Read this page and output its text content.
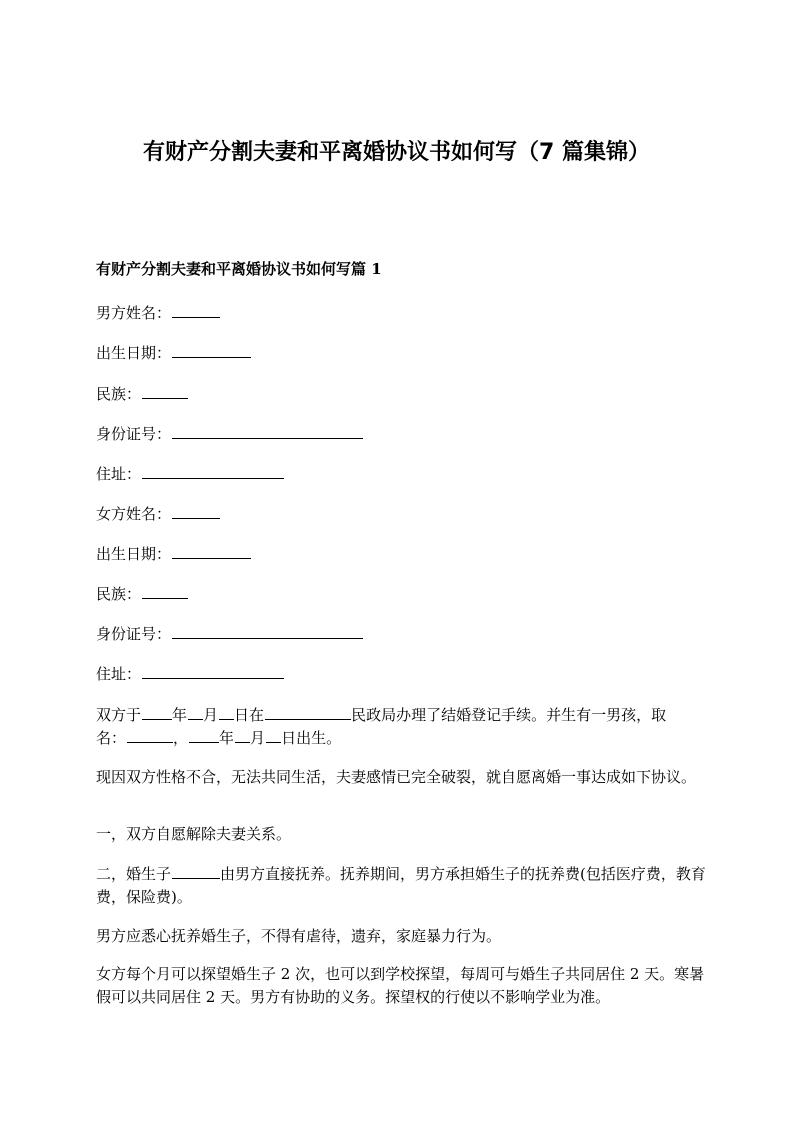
有财产分割夫妻和平离婚协议书如何写（7 篇集锦）
有财产分割夫妻和平离婚协议书如何写篇 1
男方姓名：
出生日期：
民族：
身份证号：
住址：
女方姓名：
出生日期：
民族：
身份证号：
住址：

双方于 年 月 日在	民政局办理了结婚登记手续。并生有一男孩，取
名：	， 年 月 日出生。

现因双方性格不合，无法共同生活，夫妻感情已完全破裂，就自愿离婚一事达成如下协议。

一，双方自愿解除夫妻关系。

二，婚生子	由男方直接抚养。抚养期间，男方承担婚生子的抚养费(包括医疗费，教育费，保险费)。

男方应悉心抚养婚生子，不得有虐待，遗弃，家庭暴力行为。

女方每个月可以探望婚生子 2 次，也可以到学校探望，每周可与婚生子共同居住 2 天。寒暑假可以共同居住 2 天。男方有协助的义务。探望权的行使以不影响学业为准。
